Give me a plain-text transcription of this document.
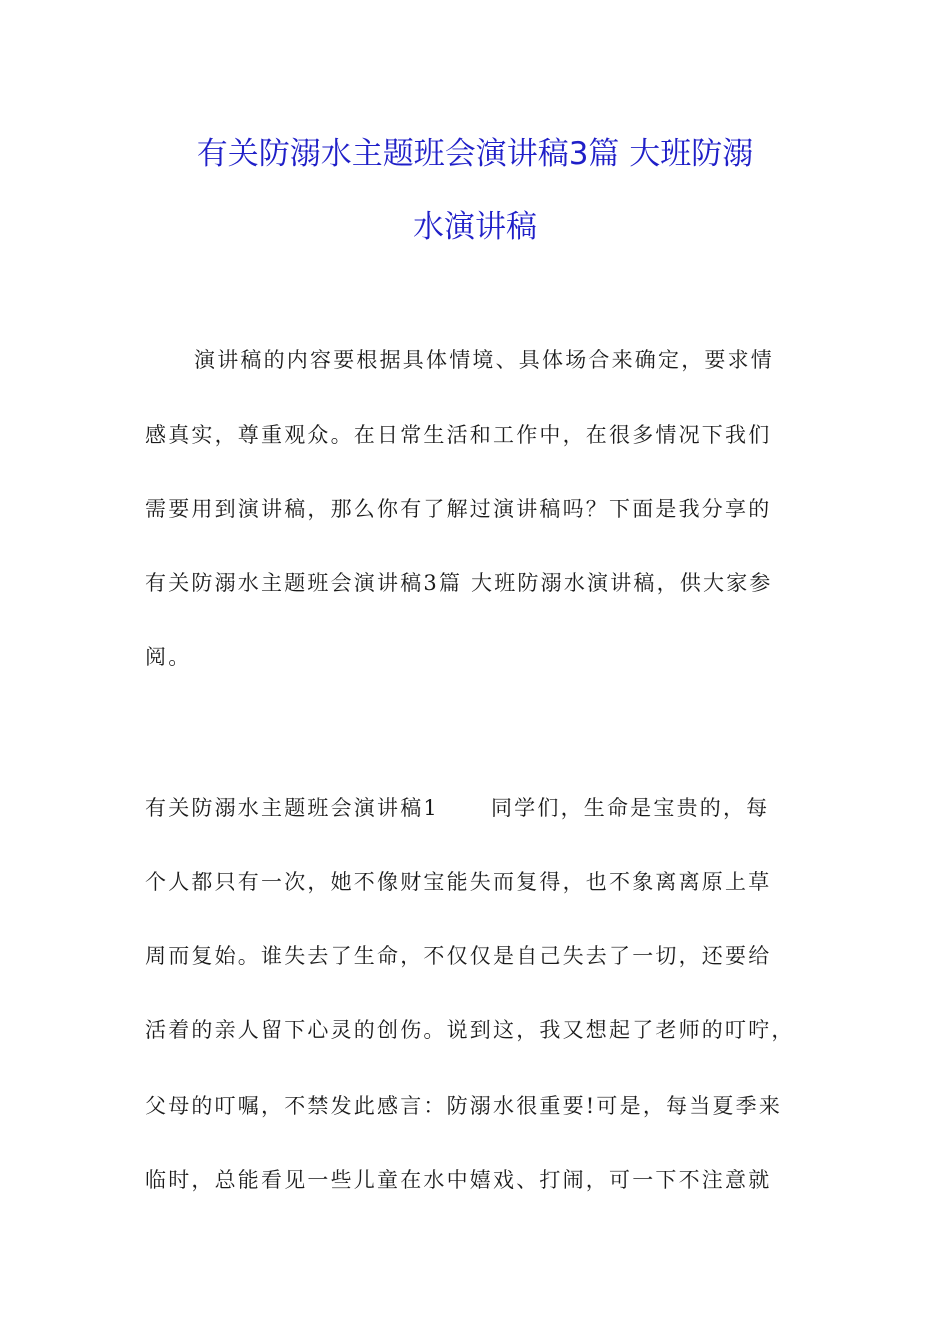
有关防溺水主题班会演讲稿3篇 大班防溺
水演讲稿
演讲稿的内容要根据具体情境、具体场合来确定，要求情
感真实，尊重观众。在日常生活和工作中，在很多情况下我们
需要用到演讲稿，那么你有了解过演讲稿吗？下面是我分享的
有关防溺水主题班会演讲稿3篇 大班防溺水演讲稿，供大家参
阅。
有关防溺水主题班会演讲稿1 同学们，生命是宝贵的，每
个人都只有一次，她不像财宝能失而复得，也不象离离原上草
周而复始。谁失去了生命，不仅仅是自己失去了一切，还要给
活着的亲人留下心灵的创伤。说到这，我又想起了老师的叮咛，
父母的叮嘱，不禁发此感言：防溺水很重要!可是，每当夏季来
临时，总能看见一些儿童在水中嬉戏、打闹，可一下不注意就
